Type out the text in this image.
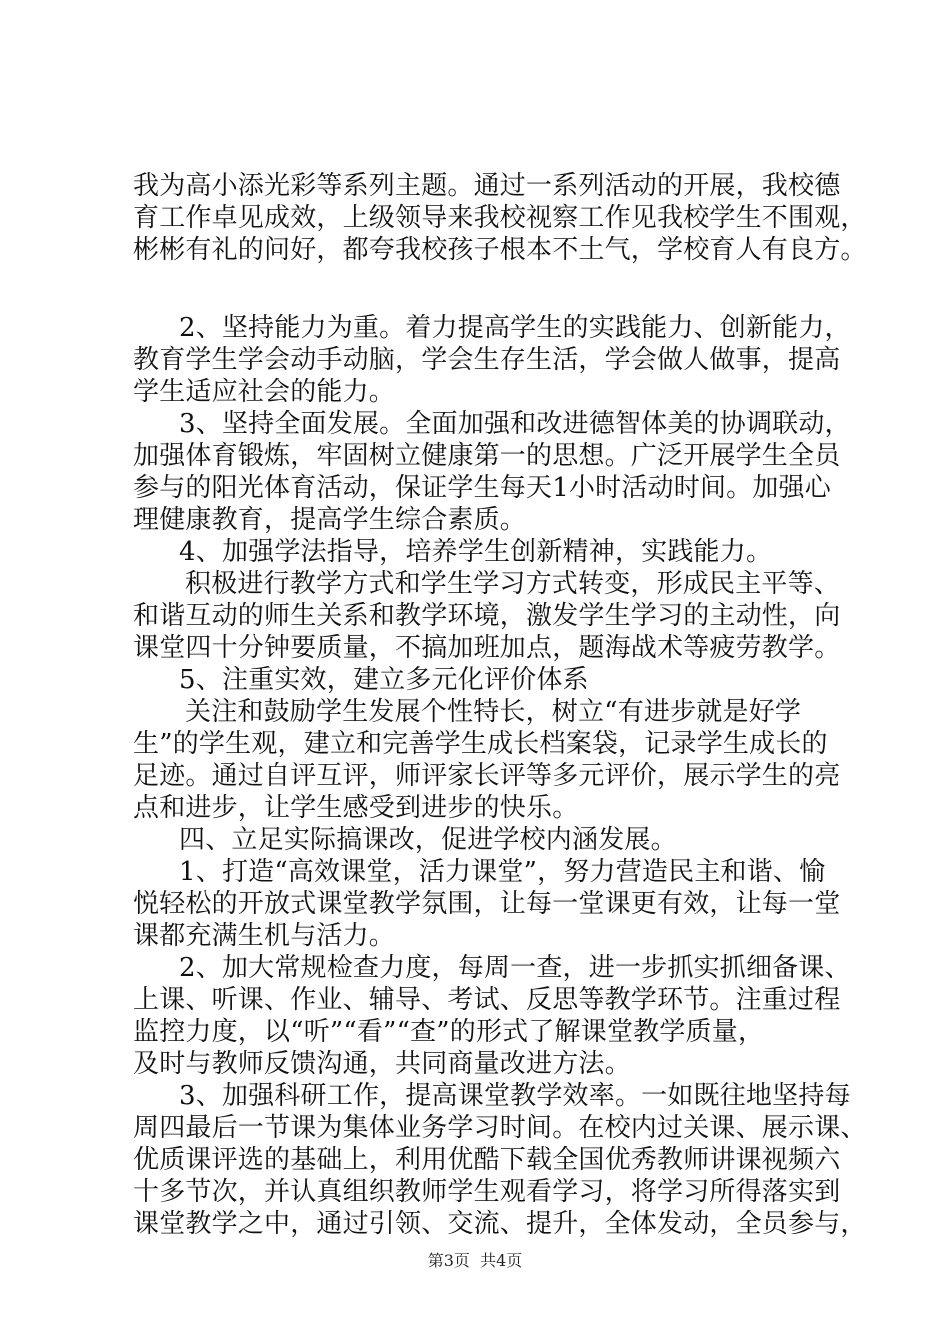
我为高小添光彩等系列主题。通过一系列活动的开展，我校德
育工作卓见成效，上级领导来我校视察工作见我校学生不围观，
彬彬有礼的问好，都夸我校孩子根本不土气，学校育人有良方。
2、坚持能力为重。着力提高学生的实践能力、创新能力，
教育学生学会动手动脑，学会生存生活，学会做人做事，提高
学生适应社会的能力。
3、坚持全面发展。全面加强和改进德智体美的协调联动，
加强体育锻炼，牢固树立健康第一的思想。广泛开展学生全员
参与的阳光体育活动，保证学生每天1小时活动时间。加强心
理健康教育，提高学生综合素质。
4、加强学法指导，培养学生创新精神，实践能力。
积极进行教学方式和学生学习方式转变，形成民主平等、
和谐互动的师生关系和教学环境，激发学生学习的主动性，向
课堂四十分钟要质量，不搞加班加点，题海战术等疲劳教学。
5、注重实效，建立多元化评价体系
关注和鼓励学生发展个性特长，树立“有进步就是好学
生”的学生观，建立和完善学生成长档案袋，记录学生成长的
足迹。通过自评互评，师评家长评等多元评价，展示学生的亮
点和进步，让学生感受到进步的快乐。
四、立足实际搞课改，促进学校内涵发展。
1、打造“高效课堂，活力课堂”，努力营造民主和谐、愉
悦轻松的开放式课堂教学氛围，让每一堂课更有效，让每一堂
课都充满生机与活力。
2、加大常规检查力度，每周一查，进一步抓实抓细备课、
上课、听课、作业、辅导、考试、反思等教学环节。注重过程
监控力度，以“听”“看”“查”的形式了解课堂教学质量，
及时与教师反馈沟通，共同商量改进方法。
3、加强科研工作，提高课堂教学效率。一如既往地坚持每
周四最后一节课为集体业务学习时间。在校内过关课、展示课、
优质课评选的基础上，利用优酷下载全国优秀教师讲课视频六
十多节次，并认真组织教师学生观看学习，将学习所得落实到
课堂教学之中，通过引领、交流、提升，全体发动，全员参与，
第3页  共4页
